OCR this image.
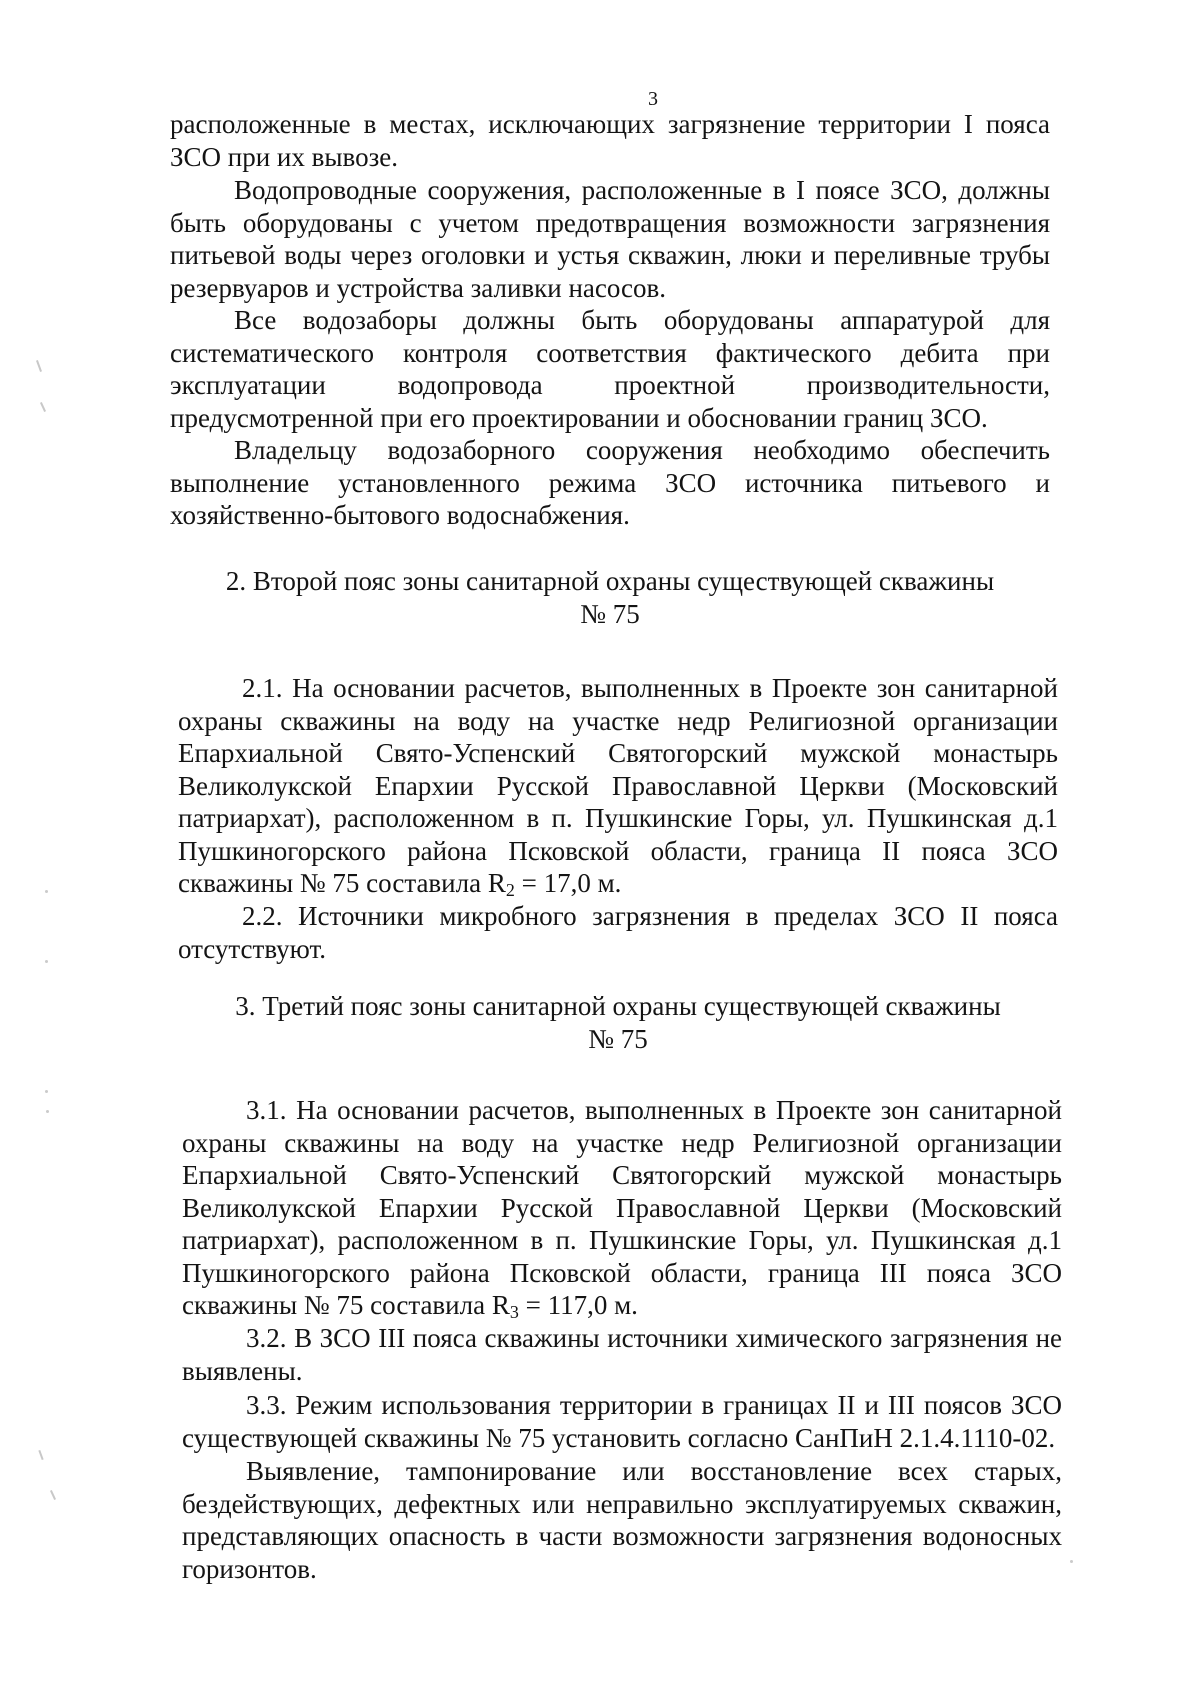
3
расположенные в местах, исключающих загрязнение территории I пояса ЗСО при их вывозе.
Водопроводные сооружения, расположенные в I поясе ЗСО, должны быть оборудованы с учетом предотвращения возможности загрязнения питьевой воды через оголовки и устья скважин, люки и переливные трубы резервуаров и устройства заливки насосов.
Все водозаборы должны быть оборудованы аппаратурой для систематического контроля соответствия фактического дебита при эксплуатации водопровода проектной производительности, предусмотренной при его проектировании и обосновании границ ЗСО.
Владельцу водозаборного сооружения необходимо обеспечить выполнение установленного режима ЗСО источника питьевого и хозяйственно-бытового водоснабжения.
2. Второй пояс зоны санитарной охраны существующей скважины
№ 75
2.1. На основании расчетов, выполненных в Проекте зон санитарной охраны скважины на воду на участке недр Религиозной организации Епархиальной Свято-Успенский Святогорский мужской монастырь Великолукской Епархии Русской Православной Церкви (Московский патриархат), расположенном в п. Пушкинские Горы, ул. Пушкинская д.1 Пушкиногорского района Псковской области, граница II пояса ЗСО скважины № 75 составила $R_2 = 17,0$ м.
2.2. Источники микробного загрязнения в пределах ЗСО II пояса отсутствуют.
3. Третий пояс зоны санитарной охраны существующей скважины
№ 75
3.1. На основании расчетов, выполненных в Проекте зон санитарной охраны скважины на воду на участке недр Религиозной организации Епархиальной Свято-Успенский Святогорский мужской монастырь Великолукской Епархии Русской Православной Церкви (Московский патриархат), расположенном в п. Пушкинские Горы, ул. Пушкинская д.1 Пушкиногорского района Псковской области, граница III пояса ЗСО скважины № 75 составила $R_3 = 117,0$ м.
3.2. В ЗСО III пояса скважины источники химического загрязнения не выявлены.
3.3. Режим использования территории в границах II и III поясов ЗСО существующей скважины № 75 установить согласно СанПиН 2.1.4.1110-02.
Выявление, тампонирование или восстановление всех старых, бездействующих, дефектных или неправильно эксплуатируемых скважин, представляющих опасность в части возможности загрязнения водоносных горизонтов.
